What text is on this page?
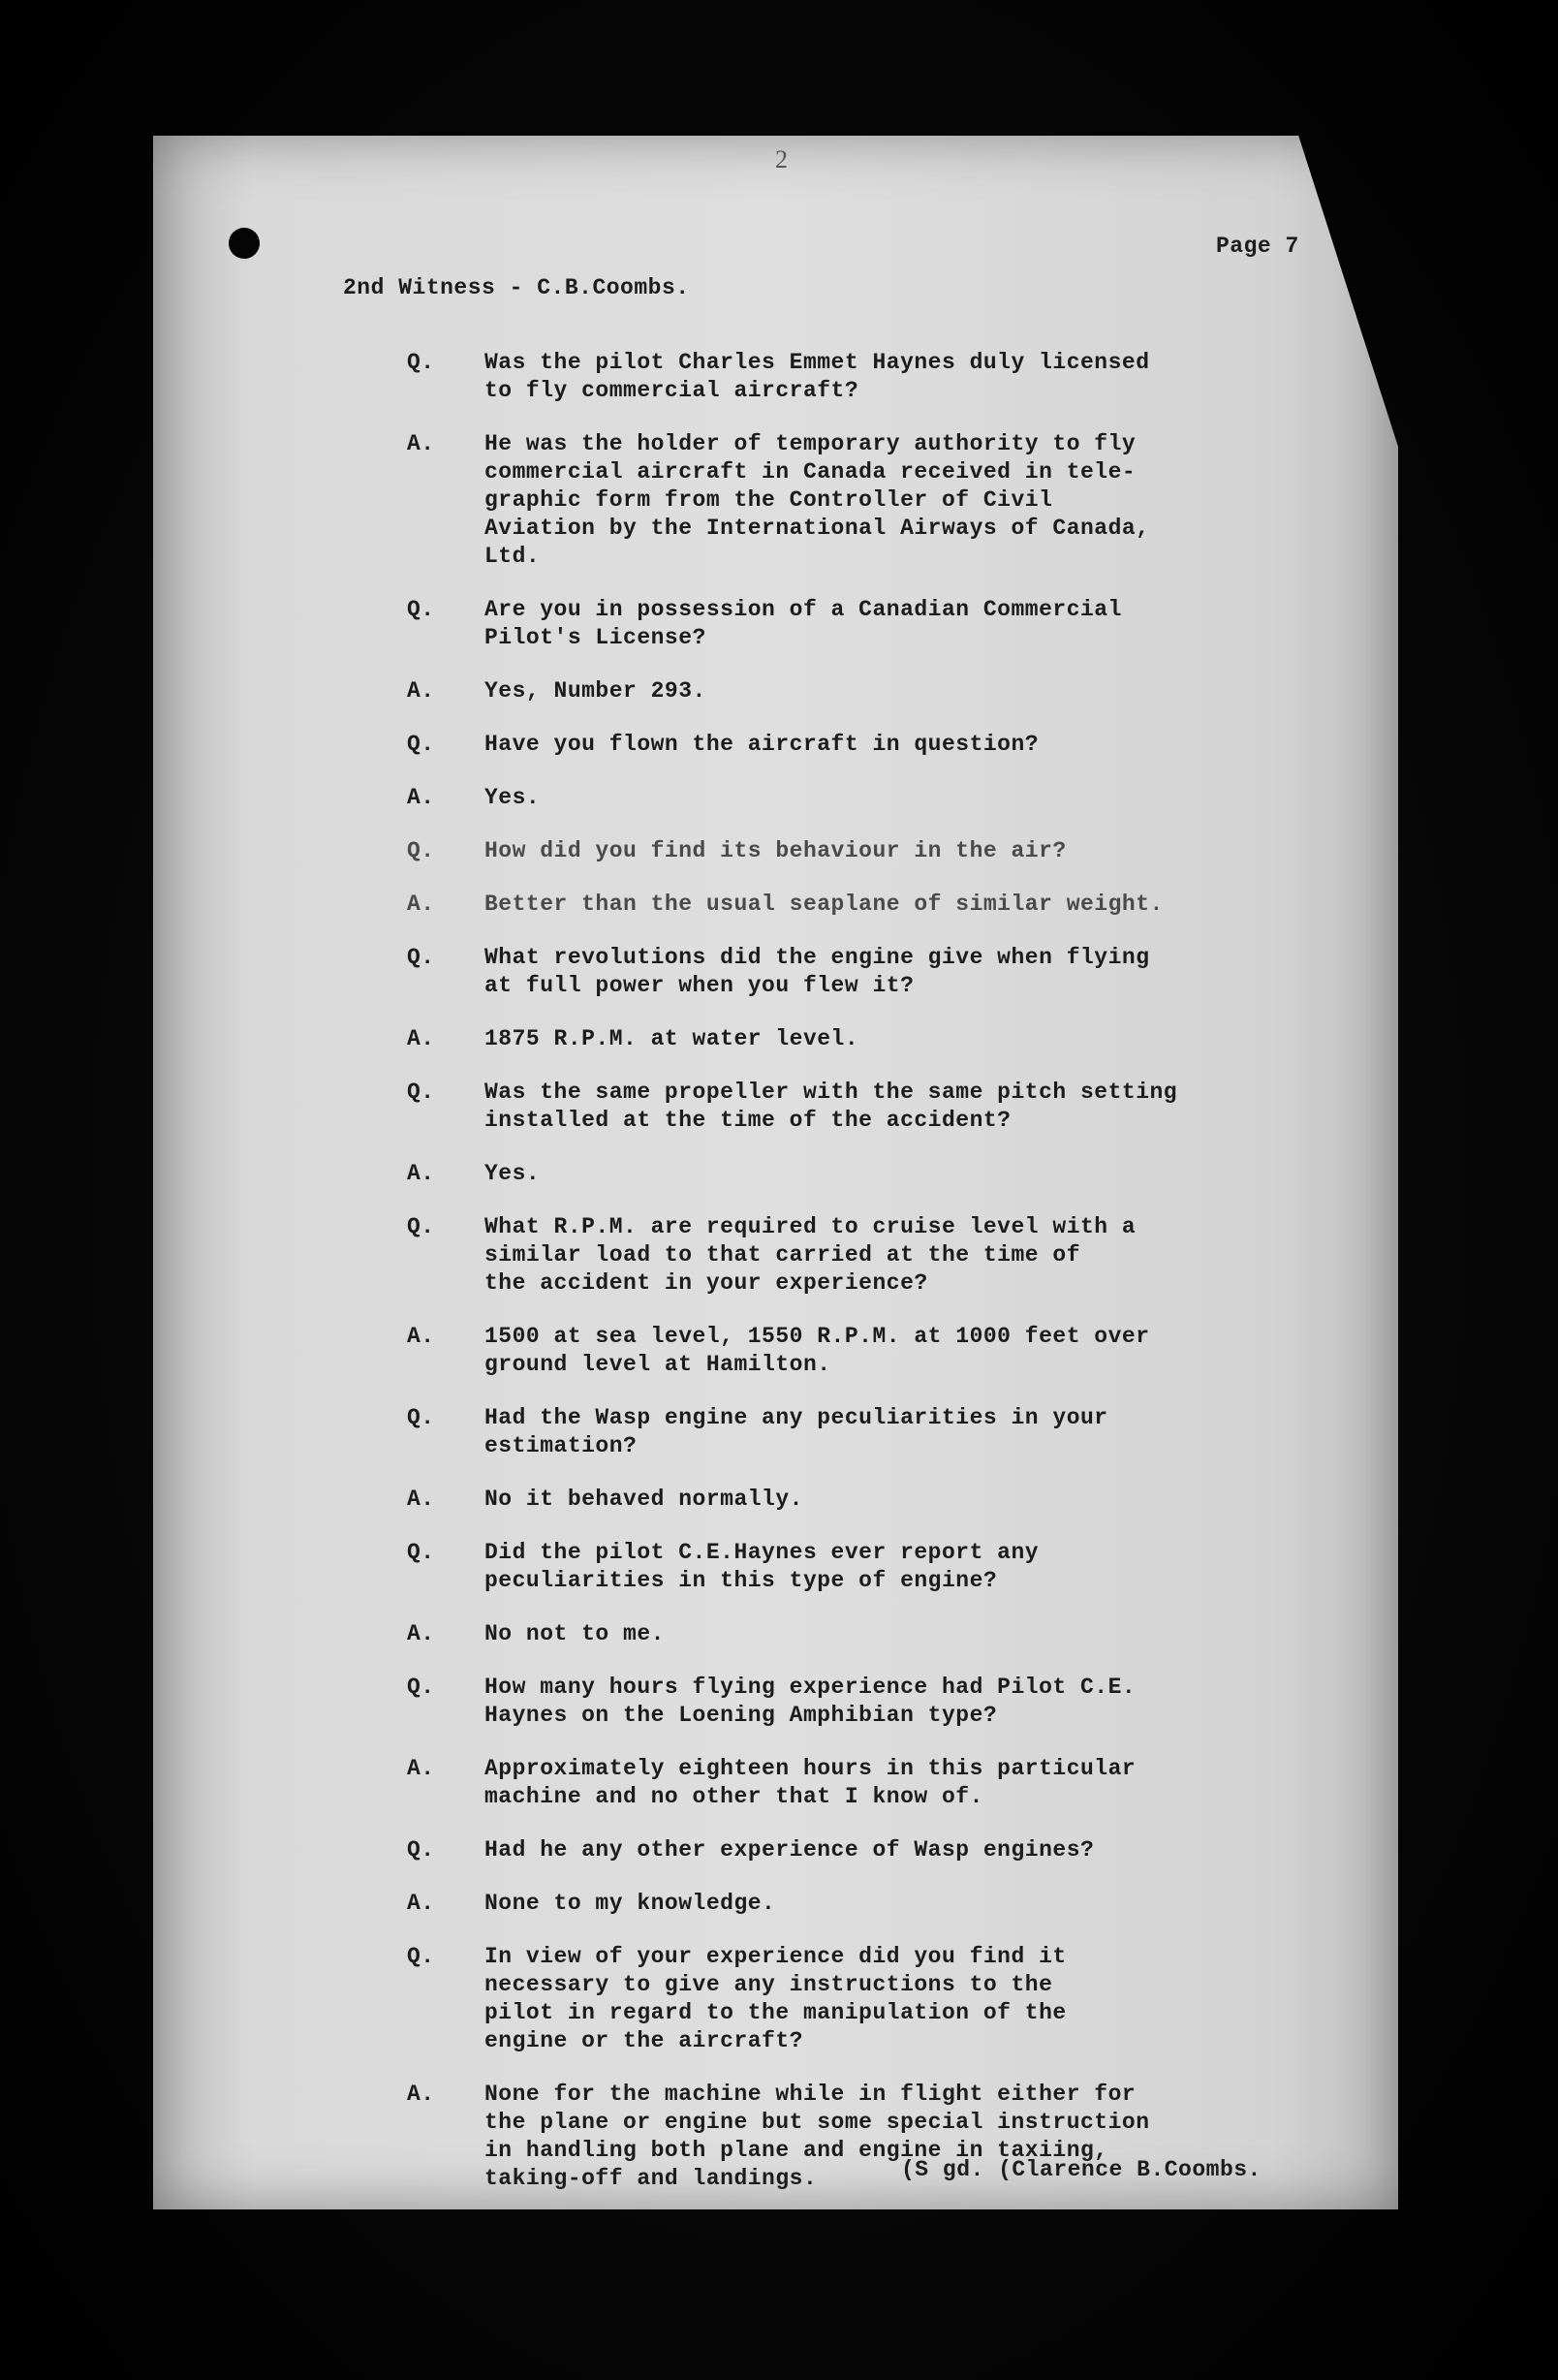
2
Page 7
2nd Witness - C.B.Coombs.
Q.	Was the pilot Charles Emmet Haynes duly licensed
to fly commercial aircraft?
A.	He was the holder of temporary authority to fly
commercial aircraft in Canada received in tele-
graphic form from the Controller of Civil
Aviation by the International Airways of Canada,
Ltd.
Q.	Are you in possession of a Canadian Commercial
Pilot's License?
A.	Yes, Number 293.
Q.	Have you flown the aircraft in question?
A.	Yes.
Q.	How did you find its behaviour in the air?
A.	Better than the usual seaplane of similar weight.
Q.	What revolutions did the engine give when flying
at full power when you flew it?
A.	1875 R.P.M. at water level.
Q.	Was the same propeller with the same pitch setting
installed at the time of the accident?
A.	Yes.
Q.	What R.P.M. are required to cruise level with a
similar load to that carried at the time of
the accident in your experience?
A.	1500 at sea level, 1550 R.P.M. at 1000 feet over
ground level at Hamilton.
Q.	Had the Wasp engine any peculiarities in your
estimation?
A.	No it behaved normally.
Q.	Did the pilot C.E.Haynes ever report any
peculiarities in this type of engine?
A.	No not to me.
Q.	How many hours flying experience had Pilot C.E.
Haynes on the Loening Amphibian type?
A.	Approximately eighteen hours in this particular
machine and no other that I know of.
Q.	Had he any other experience of Wasp engines?
A.	None to my knowledge.
Q.	In view of your experience did you find it
necessary to give any instructions to the
pilot in regard to the manipulation of the
engine or the aircraft?
A.	None for the machine while in flight either for
the plane or engine but some special instruction
in handling both plane and engine in taxiing,
taking-off and landings.	(S gd. (Clarence B.Coombs.
